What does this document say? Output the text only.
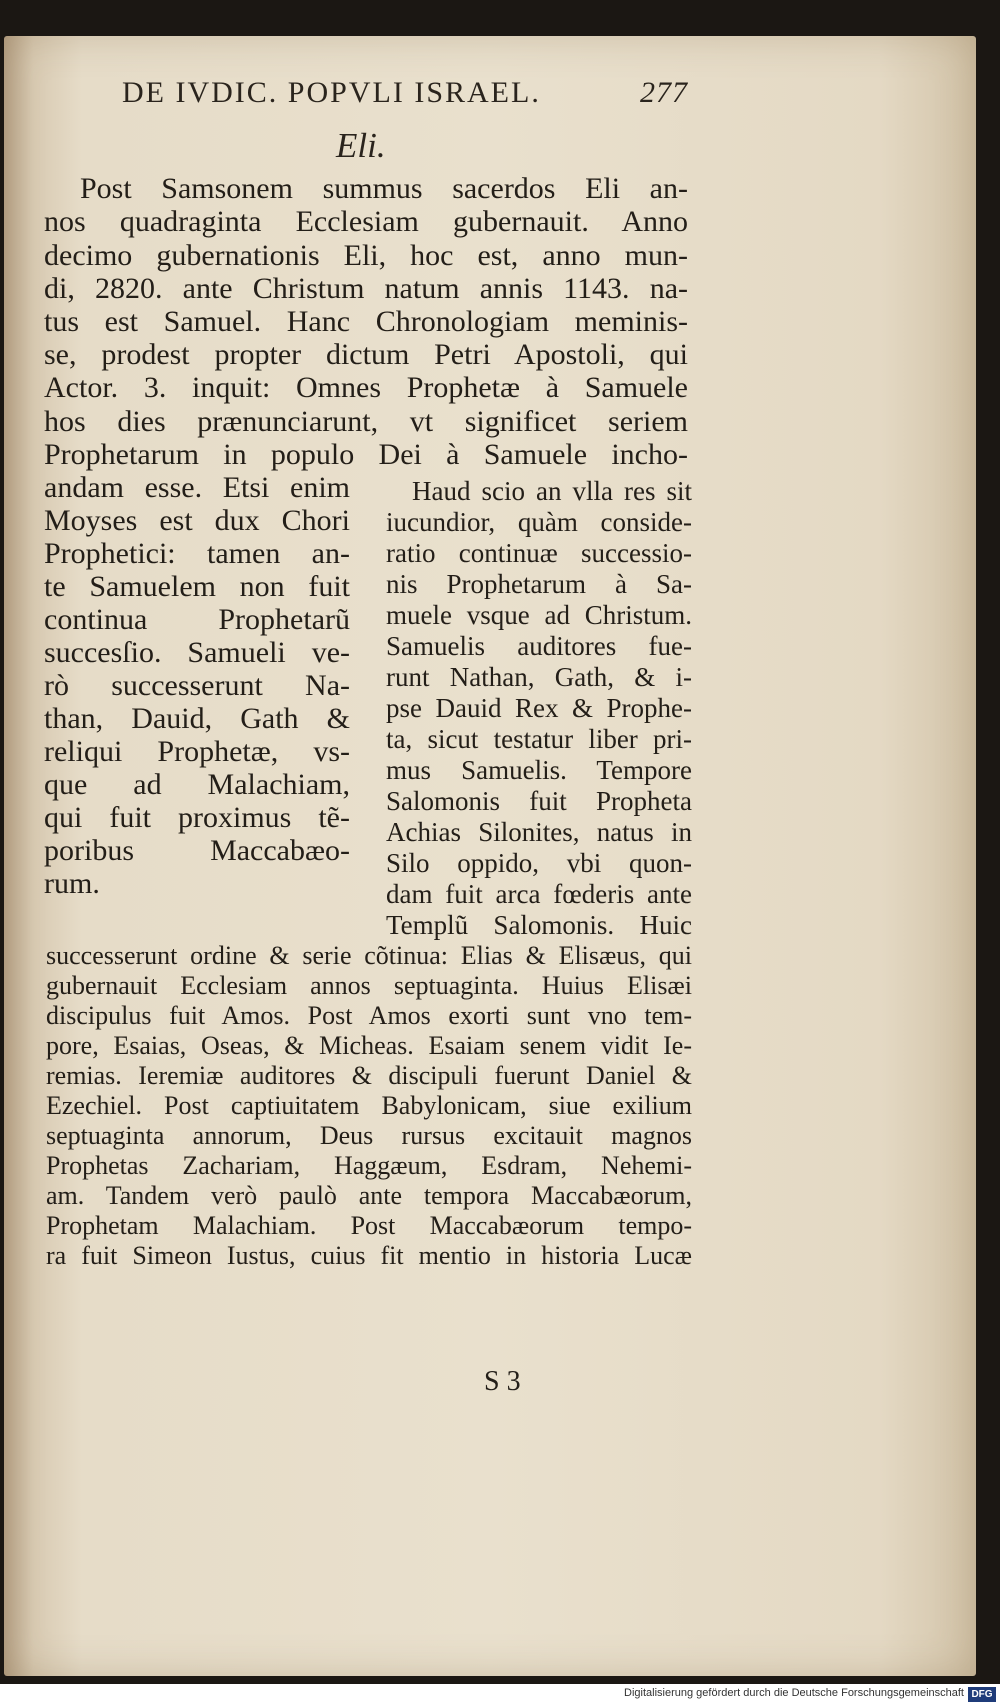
DE IVDIC. POPVLI ISRAEL.	277
Eli.
Post Samsonem summus sacerdos Eli an-
nos quadraginta Ecclesiam gubernauit. Anno
decimo gubernationis Eli, hoc est, anno mun-
di, 2820. ante Christum natum annis 1143. na-
tus est Samuel. Hanc Chronologiam meminis-
se, prodest propter dictum Petri Apostoli, qui
Actor. 3. inquit: Omnes Prophetæ à Samuele
hos dies prænunciarunt, vt significet seriem
Prophetarum in populo Dei à Samuele incho-
andam esse. Etsi enim
Moyses est dux Chori
Prophetici: tamen an-
te Samuelem non fuit
continua Prophetarũ
succesſio. Samueli ve-
rò successerunt Na-
than, Dauid, Gath &
reliqui Prophetæ, vs-
que ad Malachiam,
qui fuit proximus tẽ-
poribus Maccabæo-
rum.
Haud scio an vlla res sit
iucundior, quàm conside-
ratio continuæ successio-
nis Prophetarum à Sa-
muele vsque ad Christum.
Samuelis auditores fue-
runt Nathan, Gath, & i-
pse Dauid Rex & Prophe-
ta, sicut testatur liber pri-
mus Samuelis. Tempore
Salomonis fuit Propheta
Achias Silonites, natus in
Silo oppido, vbi quon-
dam fuit arca fœderis ante
Templũ Salomonis. Huic
successerunt ordine & serie cõtinua: Elias & Elisæus, qui
gubernauit Ecclesiam annos septuaginta. Huius Elisæi
discipulus fuit Amos. Post Amos exorti sunt vno tem-
pore, Esaias, Oseas, & Micheas. Esaiam senem vidit Ie-
remias. Ieremiæ auditores & discipuli fuerunt Daniel &
Ezechiel. Post captiuitatem Babylonicam, siue exilium
septuaginta annorum, Deus rursus excitauit magnos
Prophetas Zachariam, Haggæum, Esdram, Nehemi-
am. Tandem verò paulò ante tempora Maccabæorum,
Prophetam Malachiam. Post Maccabæorum tempo-
ra fuit Simeon Iustus, cuius fit mentio in historia Lucæ
S 3
Digitalisierung gefördert durch die Deutsche Forschungsgemeinschaft DFG
